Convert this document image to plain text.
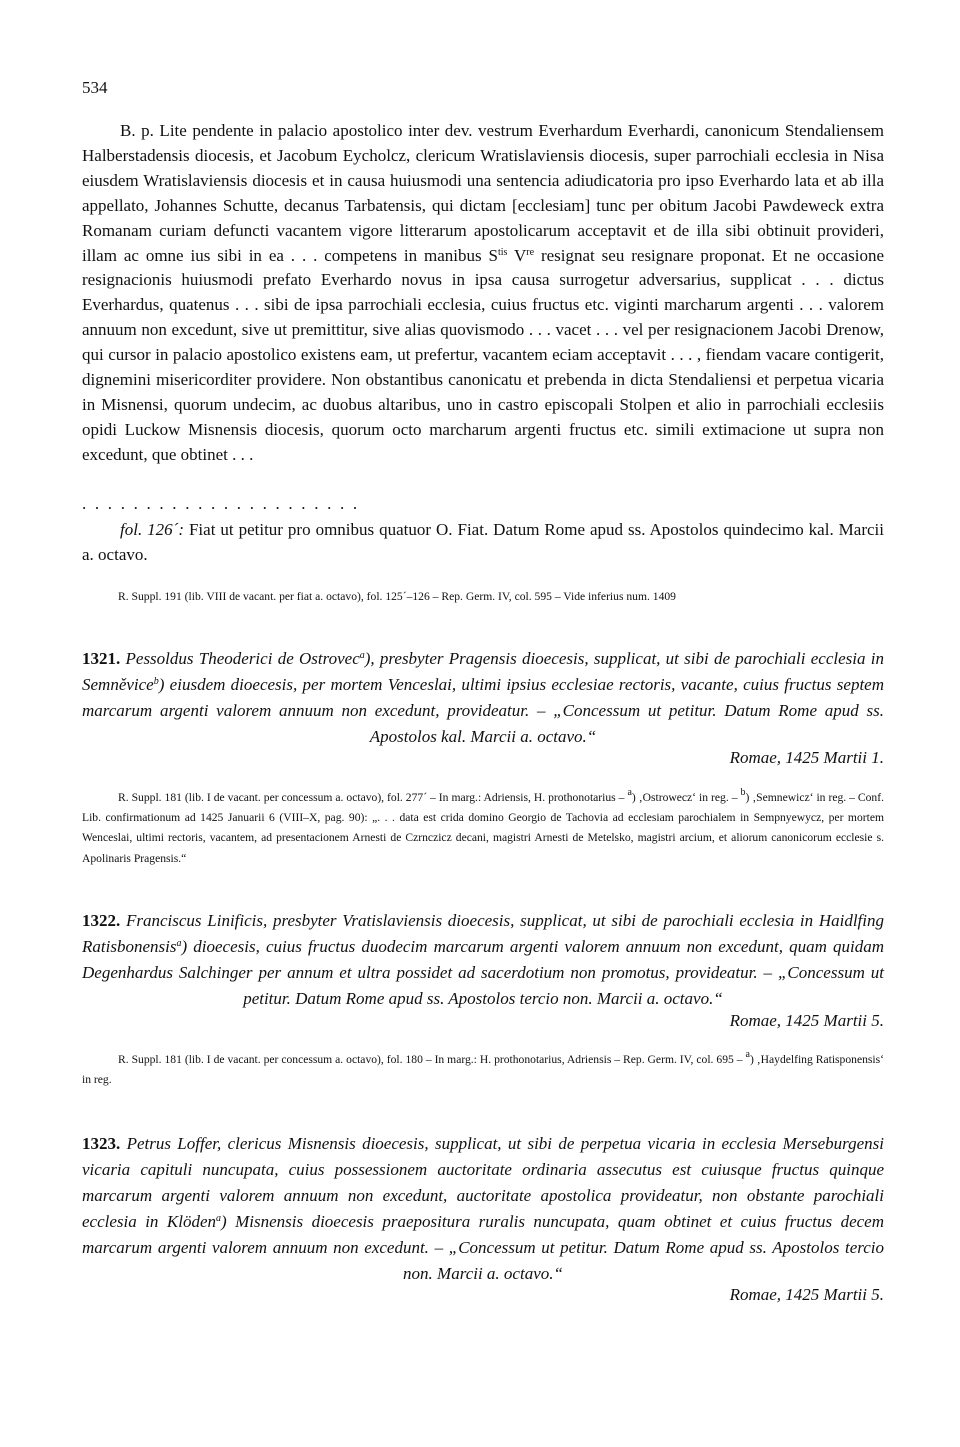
534

B. p. Lite pendente in palacio apostolico inter dev. vestrum Everhardum Everhardi, canonicum Stendaliensem Halberstadensis diocesis, et Jacobum Eycholcz, clericum Wratislaviensis diocesis, super parrochiali ecclesia in Nisa eiusdem Wratislaviensis diocesis et in causa huiusmodi una sentencia adiudicatoria pro ipso Everhardo lata et ab illa appellato, Johannes Schutte, decanus Tarbatensis, qui dictam [ecclesiam] tunc per obitum Jacobi Pawdeweck extra Romanam curiam defuncti vacantem vigore litterarum apostolicarum acceptavit et de illa sibi obtinuit provideri, illam ac omne ius sibi in ea . . . competens in manibus $S^{tis}$ Vre resignat seu resignare proponat. Et ne occasione resignacionis huiusmodi prefato Everhardo novus in ipsa causa surrogetur adversarius, supplicat . . . dictus Everhardus, quatenus . . . sibi de ipsa parrochiali ecclesia, cuius fructus etc. viginti marcharum argenti . . . valorem annuum non excedunt, sive ut premittitur, sive alias quovismodo . . . vacet . . . vel per resignacionem Jacobi Drenow, qui cursor in palacio apostolico existens eam, ut prefertur, vacantem eciam acceptavit . . . , fiendam vacare contigerit, dignemini misericorditer providere. Non obstantibus canonicatu et prebenda in dicta Stendaliensi et perpetua vicaria in Misnensi, quorum undecim, ac duobus altaribus, uno in castro episcopali Stolpen et alio in parrochiali ecclesiis opidi Luckow Misnensis diocesis, quorum octo marcharum argenti fructus etc. simili extimacione ut supra non excedunt, que obtinet . . .

. . . . . . . . . . . . . . . . . . . . . .

fol. 126´: Fiat ut petitur pro omnibus quatuor O. Fiat. Datum Rome apud ss. Apostolos quindecimo kal. Marcii a. octavo.

R. Suppl. 191 (lib. VIII de vacant. per fiat a. octavo), fol. 125´–126 – Rep. Germ. IV, col. 595 – Vide inferius num. 1409
1321. Pessoldus Theoderici de Ostrovec$^a$), presbyter Pragensis dioecesis, supplicat, ut sibi de parochiali ecclesia in Semněvice$^b$) eiusdem dioecesis, per mortem Venceslai, ultimi ipsius ecclesiae rectoris, vacante, cuius fructus septem marcarum argenti valorem annuum non excedunt, provideatur. – „Concessum ut petitur. Datum Rome apud ss. Apostolos kal. Marcii a. octavo.“
Romae, 1425 Martii 1.
R. Suppl. 181 (lib. I de vacant. per concessum a. octavo), fol. 277´ – In marg.: Adriensis, H. prothonotarius – $^a$) ‚Ostrowecz‘ in reg. – $^b$) ‚Semnewicz‘ in reg. – Conf. Lib. confirmationum ad 1425 Januarii 6 (VIII–X, pag. 90): „. . . data est crida domino Georgio de Tachovia ad ecclesiam parochialem in Sempnyewycz, per mortem Wenceslai, ultimi rectoris, vacantem, ad presentacionem Arnesti de Czrnczicz decani, magistri Arnesti de Metelsko, magistri arcium, et aliorum canonicorum ecclesie s. Apolinaris Pragensis.“
1322. Franciscus Linificis, presbyter Vratislaviensis dioecesis, supplicat, ut sibi de parochiali ecclesia in Haidlfing Ratisbonensis$^a$) dioecesis, cuius fructus duodecim marcarum argenti valorem annuum non excedunt, quam quidam Degenhardus Salchinger per annum et ultra possidet ad sacerdotium non promotus, provideatur. – „Concessum ut petitur. Datum Rome apud ss. Apostolos tercio non. Marcii a. octavo.“
Romae, 1425 Martii 5.
R. Suppl. 181 (lib. I de vacant. per concessum a. octavo), fol. 180 – In marg.: H. prothonotarius, Adriensis – Rep. Germ. IV, col. 695 – $^a$) ‚Haydelfing Ratisponensis‘ in reg.
1323. Petrus Loffer, clericus Misnensis dioecesis, supplicat, ut sibi de perpetua vicaria in ecclesia Merseburgensi vicaria capituli nuncupata, cuius possessionem auctoritate ordinaria assecutus est cuiusque fructus quinque marcarum argenti valorem annuum non excedunt, auctoritate apostolica provideatur, non obstante parochiali ecclesia in Klöden$^a$) Misnensis dioecesis praepositura ruralis nuncupata, quam obtinet et cuius fructus decem marcarum argenti valorem annuum non excedunt. – „Concessum ut petitur. Datum Rome apud ss. Apostolos tercio non. Marcii a. octavo.“
Romae, 1425 Martii 5.
